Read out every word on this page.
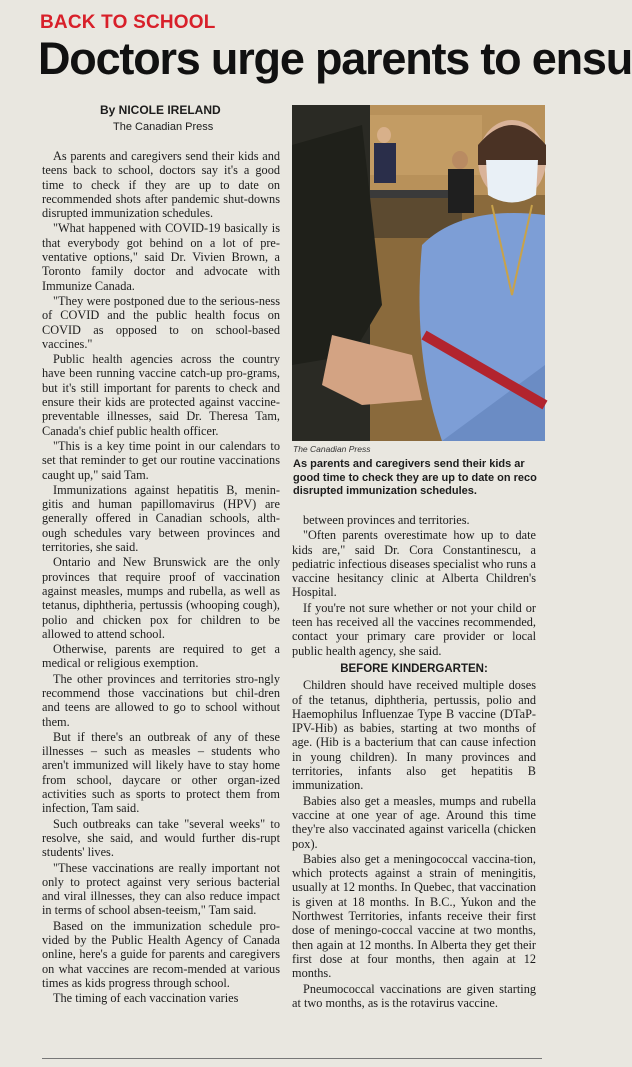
BACK TO SCHOOL
Doctors urge parents to ensu
By NICOLE IRELAND
The Canadian Press

As parents and caregivers send their kids and teens back to school, doctors say it's a good time to check if they are up to date on recommended shots after pandemic shut-downs disrupted immunization schedules.

"What happened with COVID-19 basically is that everybody got behind on a lot of pre-ventative options," said Dr. Vivien Brown, a Toronto family doctor and advocate with Immunize Canada.

"They were postponed due to the serious-ness of COVID and the public health focus on COVID as opposed to on school-based vaccines."

Public health agencies across the country have been running vaccine catch-up pro-grams, but it's still important for parents to check and ensure their kids are protected against vaccine-preventable illnesses, said Dr. Theresa Tam, Canada's chief public health officer.

"This is a key time point in our calendars to set that reminder to get our routine vaccinations caught up," said Tam.

Immunizations against hepatitis B, menin-gitis and human papillomavirus (HPV) are generally offered in Canadian schools, alth-ough schedules vary between provinces and territories, she said.

Ontario and New Brunswick are the only provinces that require proof of vaccination against measles, mumps and rubella, as well as tetanus, diphtheria, pertussis (whooping cough), polio and chicken pox for children to be allowed to attend school.

Otherwise, parents are required to get a medical or religious exemption.

The other provinces and territories stro-ngly recommend those vaccinations but chil-dren and teens are allowed to go to school without them.

But if there's an outbreak of any of these illnesses – such as measles – students who aren't immunized will likely have to stay home from school, daycare or other organ-ized activities such as sports to protect them from infection, Tam said.

Such outbreaks can take "several weeks" to resolve, she said, and would further dis-rupt students' lives.

"These vaccinations are really important not only to protect against very serious bacterial and viral illnesses, they can also reduce impact in terms of school absen-teeism," Tam said.

Based on the immunization schedule pro-vided by the Public Health Agency of Canada online, here's a guide for parents and caregivers on what vaccines are recom-mended at various times as kids progress through school.

The timing of each vaccination varies

The Canadian Press
As parents and caregivers send their kids ar
good time to check they are up to date on reco
disrupted immunization schedules.

between provinces and territories.

"Often parents overestimate how up to date kids are," said Dr. Cora Constantinescu, a pediatric infectious diseases specialist who runs a vaccine hesitancy clinic at Alberta Children's Hospital.

If you're not sure whether or not your child or teen has received all the vaccines recommended, contact your primary care provider or local public health agency, she said.

BEFORE KINDERGARTEN:

Children should have received multiple doses of the tetanus, diphtheria, pertussis, polio and Haemophilus Influenzae Type B vaccine (DTaP-IPV-Hib) as babies, starting at two months of age. (Hib is a bacterium that can cause infection in young children). In many provinces and territories, infants also get hepatitis B immunization.

Babies also get a measles, mumps and rubella vaccine at one year of age. Around this time they're also vaccinated against varicella (chicken pox).

Babies also get a meningococcal vaccina-tion, which protects against a strain of meningitis, usually at 12 months. In Quebec, that vaccination is given at 18 months. In B.C., Yukon and the Northwest Territories, infants receive their first dose of meningo-coccal vaccine at two months, then again at 12 months. In Alberta they get their first dose at four months, then again at 12 months.

Pneumococcal vaccinations are given starting at two months, as is the rotavirus vaccine.
